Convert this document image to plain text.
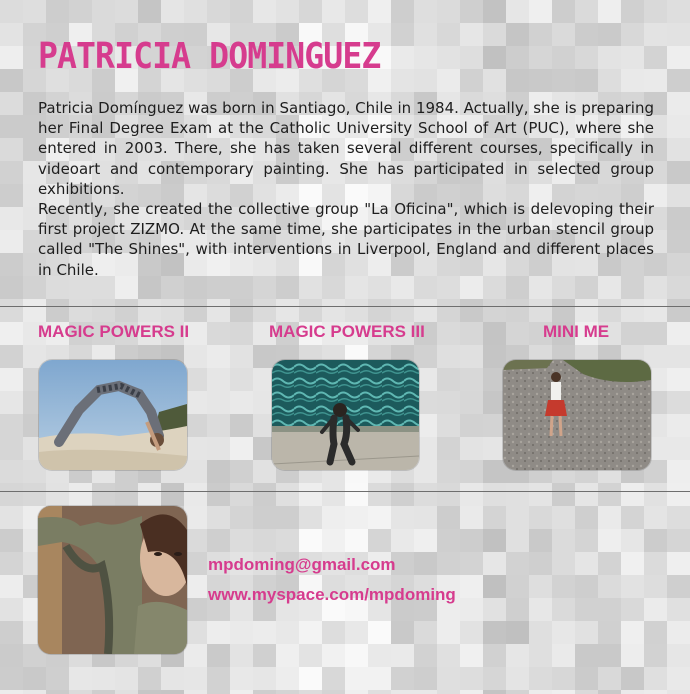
PATRICIA DOMINGUEZ

Patricia Domínguez was born in Santiago, Chile in 1984. Actually, she is preparing her Final Degree Exam at the Catholic University School of Art (PUC), where she entered in 2003. There, she has taken several different courses, specifically in videoart and contemporary painting. She has participated in selected group exhibitions.

Recently, she created the collective group "La Oficina", which is delevoping their first project ZIZMO. At the same time, she participates in the urban stencil group called "The Shines", with interventions in Liverpool, England and different places in Chile.

MAGIC POWERS II	MAGIC POWERS III	MINI ME
mpdoming@gmail.com
www.myspace.com/mpdoming
